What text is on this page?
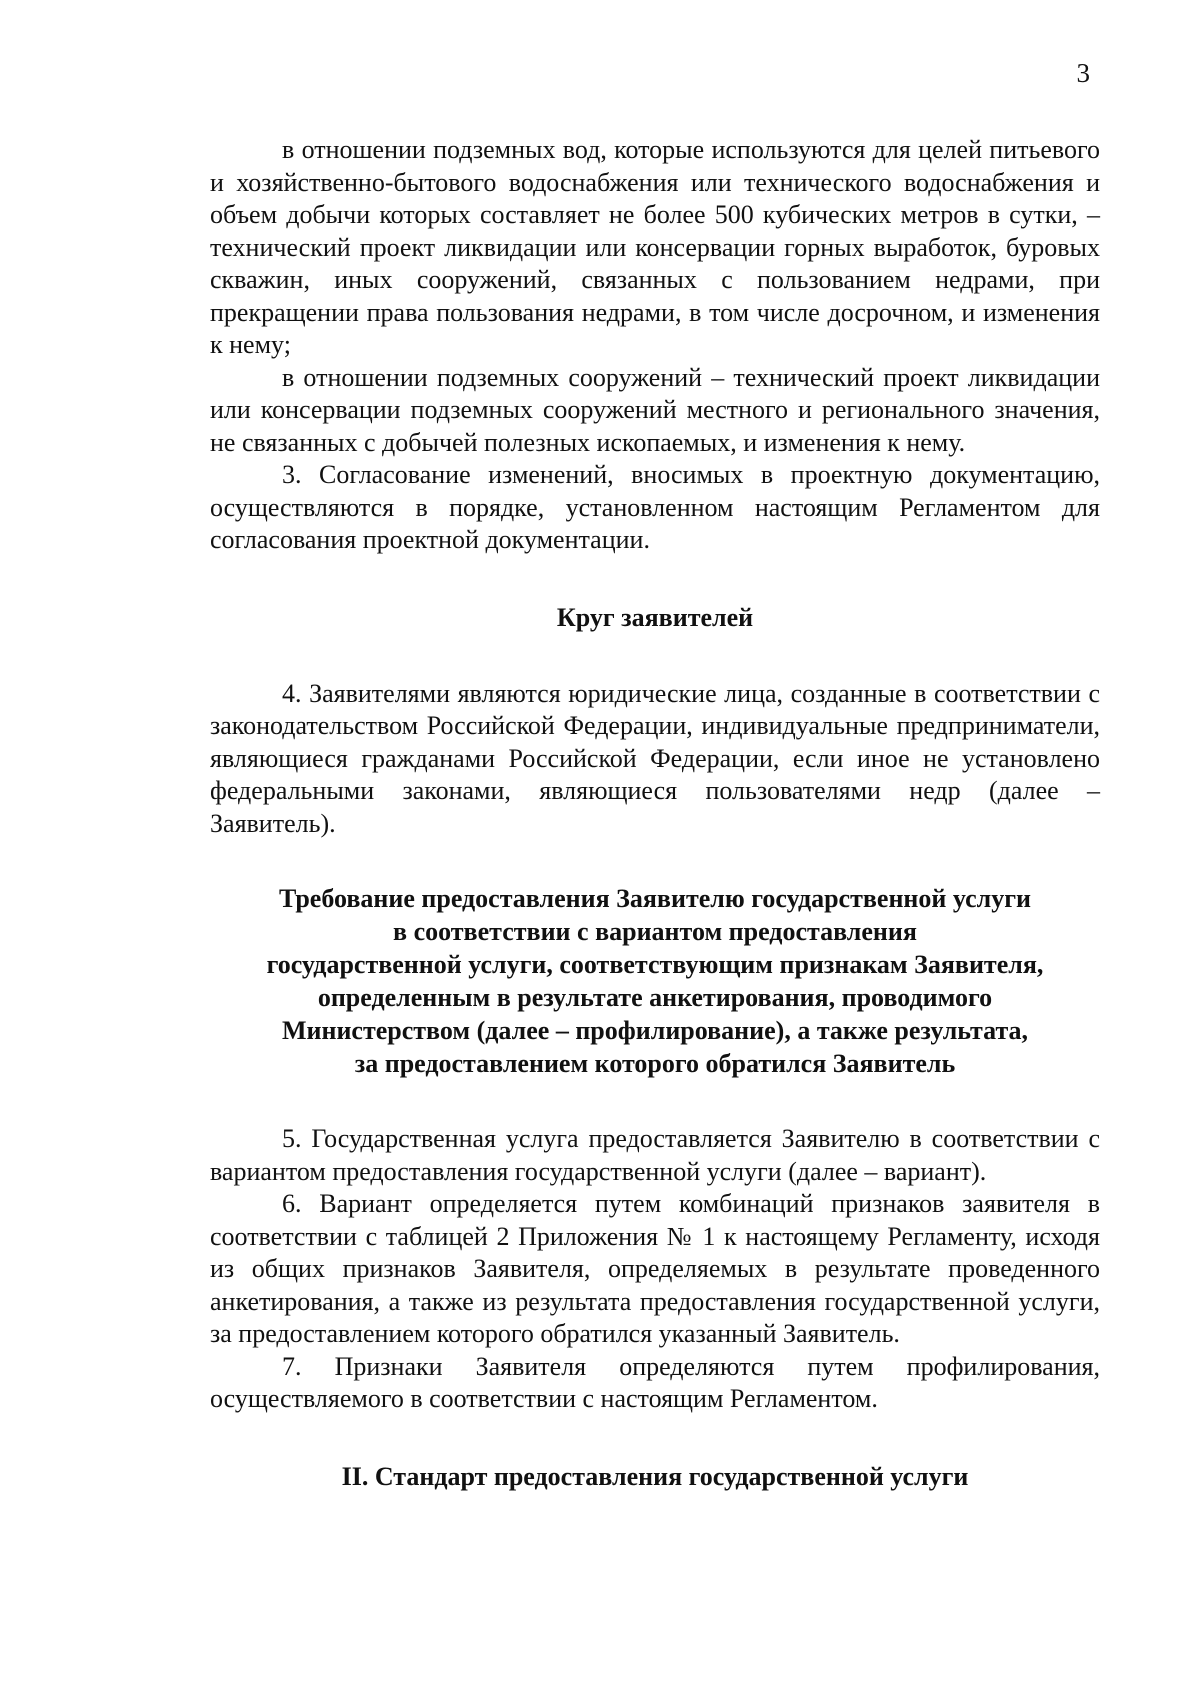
3

в отношении подземных вод, которые используются для целей питьевого и хозяйственно-бытового водоснабжения или технического водоснабжения и объем добычи которых составляет не более 500 кубических метров в сутки, – технический проект ликвидации или консервации горных выработок, буровых скважин, иных сооружений, связанных с пользованием недрами, при прекращении права пользования недрами, в том числе досрочном, и изменения к нему;

в отношении подземных сооружений – технический проект ликвидации или консервации подземных сооружений местного и регионального значения, не связанных с добычей полезных ископаемых, и изменения к нему.

3. Согласование изменений, вносимых в проектную документацию, осуществляются в порядке, установленном настоящим Регламентом для согласования проектной документации.

Круг заявителей

4. Заявителями являются юридические лица, созданные в соответствии с законодательством Российской Федерации, индивидуальные предприниматели, являющиеся гражданами Российской Федерации, если иное не установлено федеральными законами, являющиеся пользователями недр (далее – Заявитель).

Требование предоставления Заявителю государственной услуги
в соответствии с вариантом предоставления
государственной услуги, соответствующим признакам Заявителя,
определенным в результате анкетирования, проводимого
Министерством (далее – профилирование), а также результата,
за предоставлением которого обратился Заявитель

5. Государственная услуга предоставляется Заявителю в соответствии с вариантом предоставления государственной услуги (далее – вариант).

6. Вариант определяется путем комбинаций признаков заявителя в соответствии с таблицей 2 Приложения № 1 к настоящему Регламенту, исходя из общих признаков Заявителя, определяемых в результате проведенного анкетирования, а также из результата предоставления государственной услуги, за предоставлением которого обратился указанный Заявитель.

7. Признаки Заявителя определяются путем профилирования, осуществляемого в соответствии с настоящим Регламентом.

II. Стандарт предоставления государственной услуги
